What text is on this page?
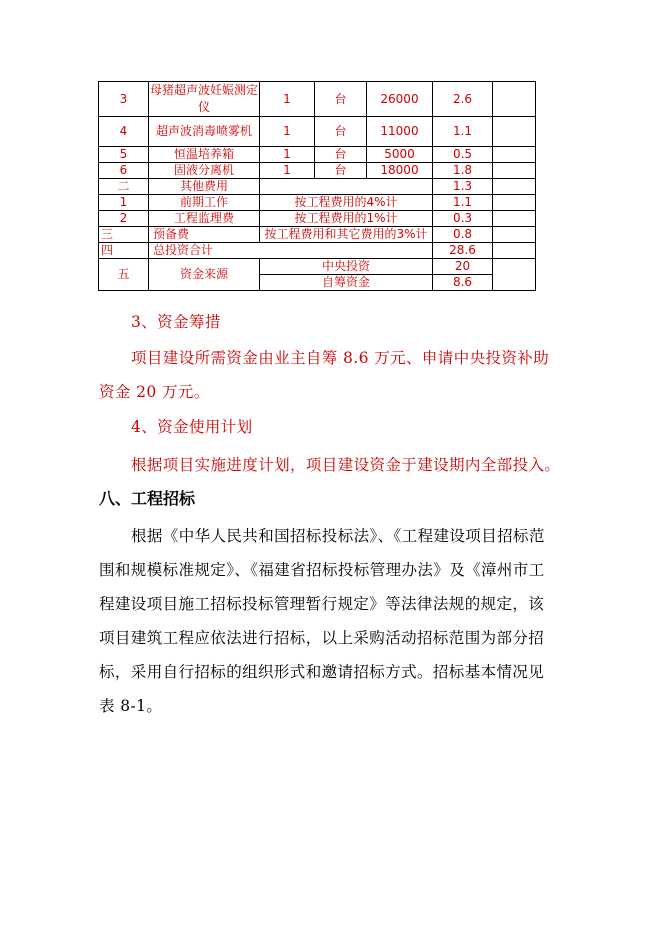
3	母猪超声波妊娠测定仪	1	台	26000	2.6	
4	超声波消毒喷雾机	1	台	11000	1.1	
5	恒温培养箱	1	台	5000	0.5	
6	固液分离机	1	台	18000	1.8	
二	其他费用				1.3	
1	前期工作	按工程费用的4%计			1.1	
2	工程监理费	按工程费用的1%计			0.3	
三	预备费	按工程费用和其它费用的3%计			0.8	
四	总投资合计				28.6	
五	资金来源	中央投资			20	
		自筹资金			8.6	

3、资金筹措

项目建设所需资金由业主自筹 8.6 万元、申请中央投资补助资金 20 万元。

4、资金使用计划

根据项目实施进度计划，项目建设资金于建设期内全部投入。

八、工程招标

根据《中华人民共和国招标投标法》、《工程建设项目招标范围和规模标准规定》、《福建省招标投标管理办法》及《漳州市工程建设项目施工招标投标管理暂行规定》等法律法规的规定，该项目建筑工程应依法进行招标，以上采购活动招标范围为部分招标，采用自行招标的组织形式和邀请招标方式。招标基本情况见表 8-1。
